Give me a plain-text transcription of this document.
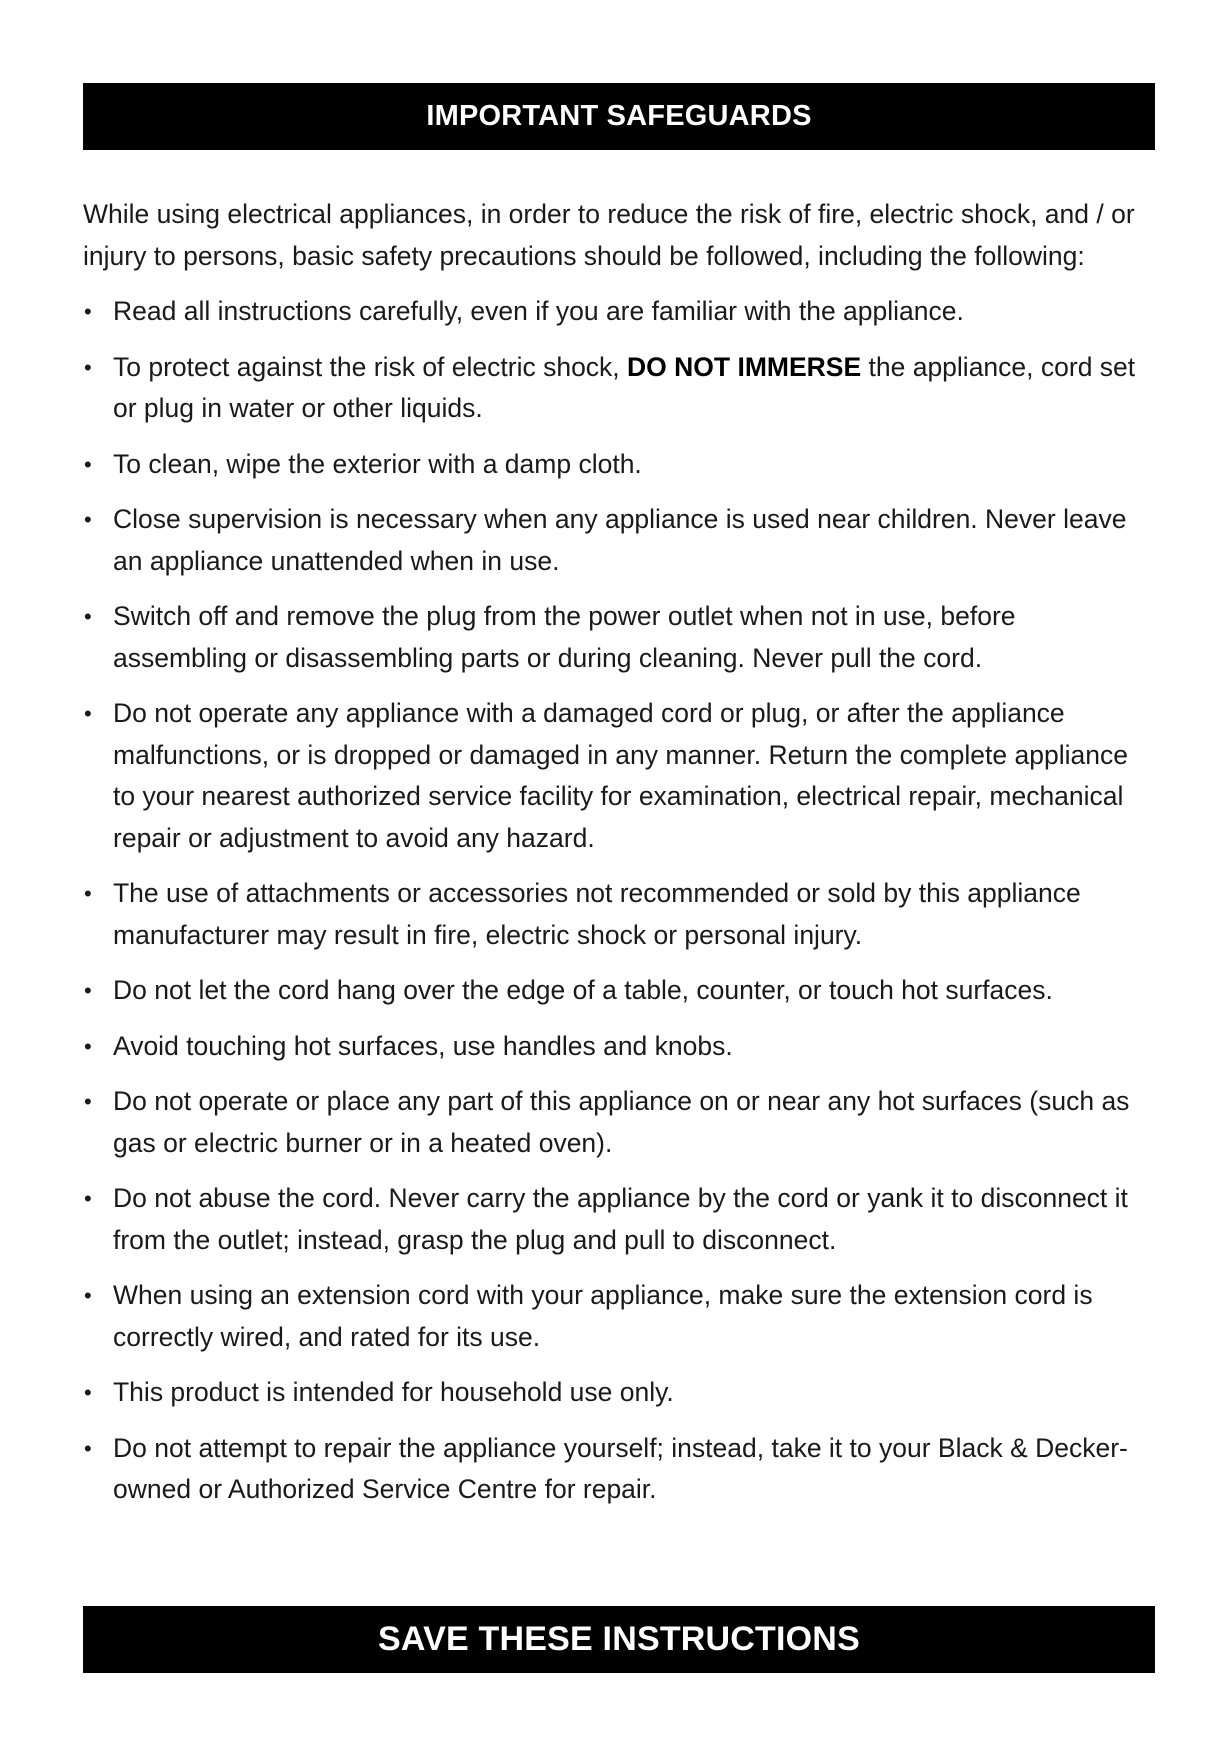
IMPORTANT SAFEGUARDS

While using electrical appliances, in order to reduce the risk of fire, electric shock, and / or injury to persons, basic safety precautions should be followed, including the following:

• Read all instructions carefully, even if you are familiar with the appliance.
• To protect against the risk of electric shock, DO NOT IMMERSE the appliance, cord set or plug in water or other liquids.
• To clean, wipe the exterior with a damp cloth.
• Close supervision is necessary when any appliance is used near children. Never leave an appliance unattended when in use.
• Switch off and remove the plug from the power outlet when not in use, before assembling or disassembling parts or during cleaning. Never pull the cord.
• Do not operate any appliance with a damaged cord or plug, or after the appliance malfunctions, or is dropped or damaged in any manner. Return the complete appliance to your nearest authorized service facility for examination, electrical repair, mechanical repair or adjustment to avoid any hazard.
• The use of attachments or accessories not recommended or sold by this appliance manufacturer may result in fire, electric shock or personal injury.
• Do not let the cord hang over the edge of a table, counter, or touch hot surfaces.
• Avoid touching hot surfaces, use handles and knobs.
• Do not operate or place any part of this appliance on or near any hot surfaces (such as gas or electric burner or in a heated oven).
• Do not abuse the cord. Never carry the appliance by the cord or yank it to disconnect it from the outlet; instead, grasp the plug and pull to disconnect.
• When using an extension cord with your appliance, make sure the extension cord is correctly wired, and rated for its use.
• This product is intended for household use only.
• Do not attempt to repair the appliance yourself; instead, take it to your Black & Decker-owned or Authorized Service Centre for repair.
SAVE THESE INSTRUCTIONS
